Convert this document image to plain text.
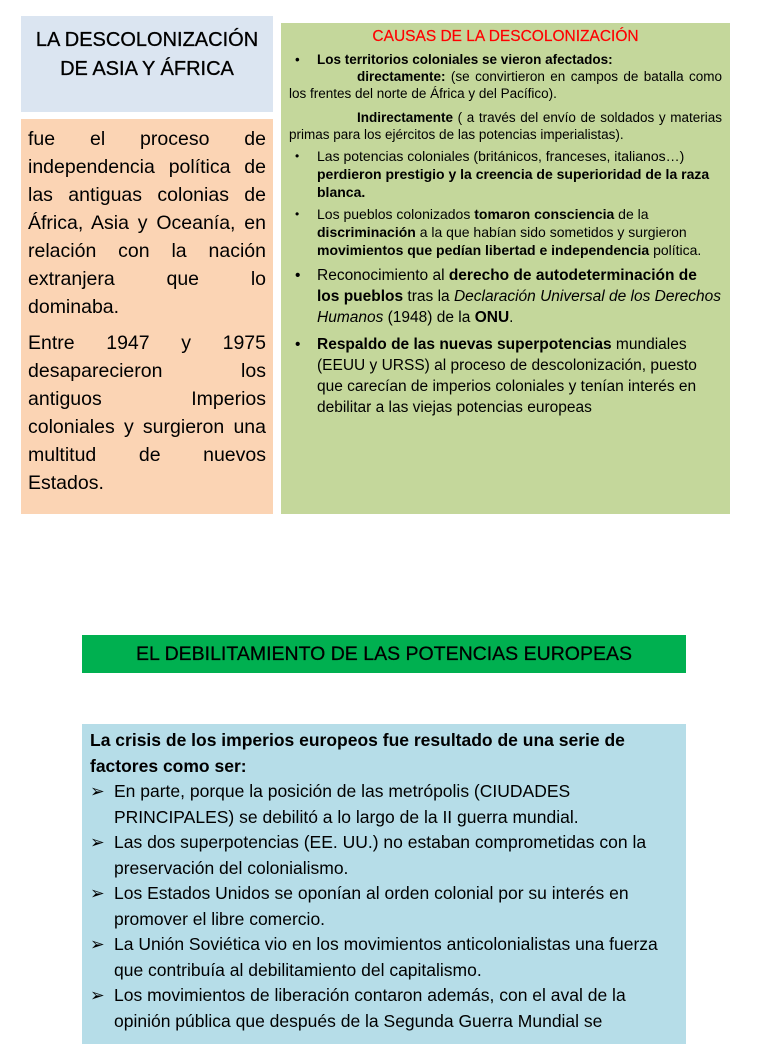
LA DESCOLONIZACIÓN
DE ASIA Y ÁFRICA

fue el proceso de independencia política de las antiguas colonias de África, Asia y Oceanía, en relación con la nación extranjera que lo dominaba.

Entre 1947 y 1975 desaparecieron los antiguos Imperios coloniales y surgieron una multitud de nuevos Estados.

CAUSAS DE LA DESCOLONIZACIÓN
• Los territorios coloniales se vieron afectados:
directamente: (se convirtieron en campos de batalla como los frentes del norte de África y del Pacífico).
Indirectamente ( a través del envío de soldados y materias primas para los ejércitos de las potencias imperialistas).
• Las potencias coloniales (británicos, franceses, italianos…) perdieron prestigio y la creencia de superioridad de la raza blanca.
• Los pueblos colonizados tomaron consciencia de la discriminación a la que habían sido sometidos y surgieron movimientos que pedían libertad e independencia política.
• Reconocimiento al derecho de autodeterminación de los pueblos tras la Declaración Universal de los Derechos Humanos (1948) de la ONU.
• Respaldo de las nuevas superpotencias mundiales (EEUU y URSS) al proceso de descolonización, puesto que carecían de imperios coloniales y tenían interés en debilitar a las viejas potencias europeas
EL DEBILITAMIENTO DE LAS POTENCIAS EUROPEAS
La crisis de los imperios europeos fue resultado de una serie de factores como ser:
➢ En parte, porque la posición de las metrópolis (CIUDADES PRINCIPALES) se debilitó a lo largo de la II guerra mundial.
➢ Las dos superpotencias (EE. UU.) no estaban comprometidas con la preservación del colonialismo.
➢ Los Estados Unidos se oponían al orden colonial por su interés en promover el libre comercio.
➢ La Unión Soviética vio en los movimientos anticolonialistas una fuerza que contribuía al debilitamiento del capitalismo.
➢ Los movimientos de liberación contaron además, con el aval de la opinión pública que después de la Segunda Guerra Mundial se
